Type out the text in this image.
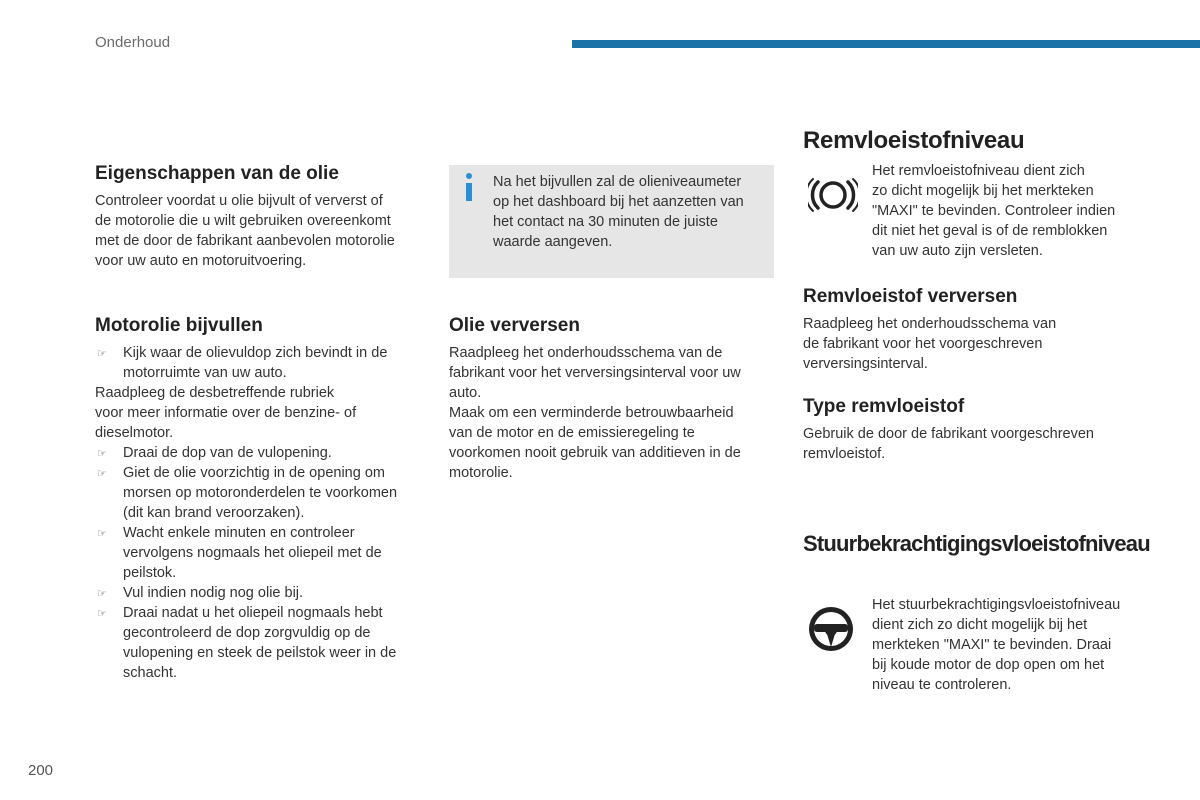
Onderhoud
Eigenschappen van de olie

Controleer voordat u olie bijvult of ververst of

de motorolie die u wilt gebruiken overeenkomt

met de door de fabrikant aanbevolen motorolie

voor uw auto en motoruitvoering.

Motorolie bijvullen
☞ Kijk waar de olievuldop zich bevindt in de
motorruimte van uw auto.

Raadpleeg de desbetreffende rubriek

voor meer informatie over de benzine- of

dieselmotor.

☞ Draai de dop van de vulopening.
☞ Giet de olie voorzichtig in de opening om
morsen op motoronderdelen te voorkomen
(dit kan brand veroorzaken).
☞ Wacht enkele minuten en controleer
vervolgens nogmaals het oliepeil met de
peilstok.
☞ Vul indien nodig nog olie bij.
☞ Draai nadat u het oliepeil nogmaals hebt
gecontroleerd de dop zorgvuldig op de
vulopening en steek de peilstok weer in de
schacht.

Na het bijvullen zal de olieniveaumeter

op het dashboard bij het aanzetten van

het contact na 30 minuten de juiste

waarde aangeven.

Olie verversen

Raadpleeg het onderhoudsschema van de

fabrikant voor het verversingsinterval voor uw

auto.

Maak om een verminderde betrouwbaarheid

van de motor en de emissieregeling te

voorkomen nooit gebruik van additieven in de

motorolie.

Remvloeistofniveau

Het remvloeistofniveau dient zich

zo dicht mogelijk bij het merkteken

"MAXI" te bevinden. Controleer indien

dit niet het geval is of de remblokken

van uw auto zijn versleten.

Remvloeistof verversen

Raadpleeg het onderhoudsschema van

de fabrikant voor het voorgeschreven

verversingsinterval.

Type remvloeistof

Gebruik de door de fabrikant voorgeschreven

remvloeistof.

Stuurbekrachtigingsvloeistofniveau

Het stuurbekrachtigingsvloeistofniveau

dient zich zo dicht mogelijk bij het

merkteken "MAXI" te bevinden. Draai

bij koude motor de dop open om het

niveau te controleren.

200
